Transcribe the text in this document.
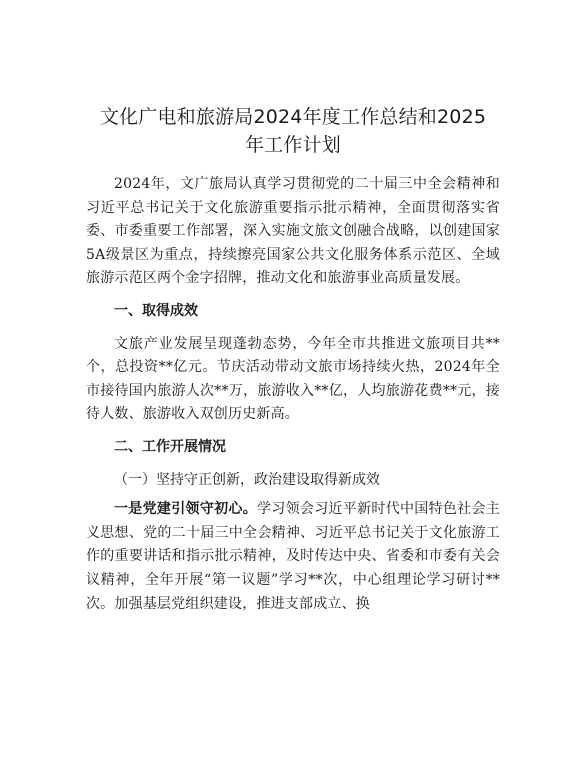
文化广电和旅游局2024年度工作总结和2025
年工作计划

2024年，文广旅局认真学习贯彻党的二十届三中全会精神和习近平总书记关于文化旅游重要指示批示精神，全面贯彻落实省委、市委重要工作部署，深入实施文旅文创融合战略，以创建国家5A级景区为重点，持续擦亮国家公共文化服务体系示范区、全域旅游示范区两个金字招牌，推动文化和旅游事业高质量发展。

一、取得成效

文旅产业发展呈现蓬勃态势，今年全市共推进文旅项目共**个，总投资**亿元。节庆活动带动文旅市场持续火热，2024年全市接待国内旅游人次**万，旅游收入**亿，人均旅游花费**元，接待人数、旅游收入双创历史新高。

二、工作开展情况

（一）坚持守正创新，政治建设取得新成效

一是党建引领守初心。学习领会习近平新时代中国特色社会主义思想、党的二十届三中全会精神、习近平总书记关于文化旅游工作的重要讲话和指示批示精神，及时传达中央、省委和市委有关会议精神，全年开展“第一议题”学习**次，中心组理论学习研讨**次。加强基层党组织建设，推进支部成立、换
